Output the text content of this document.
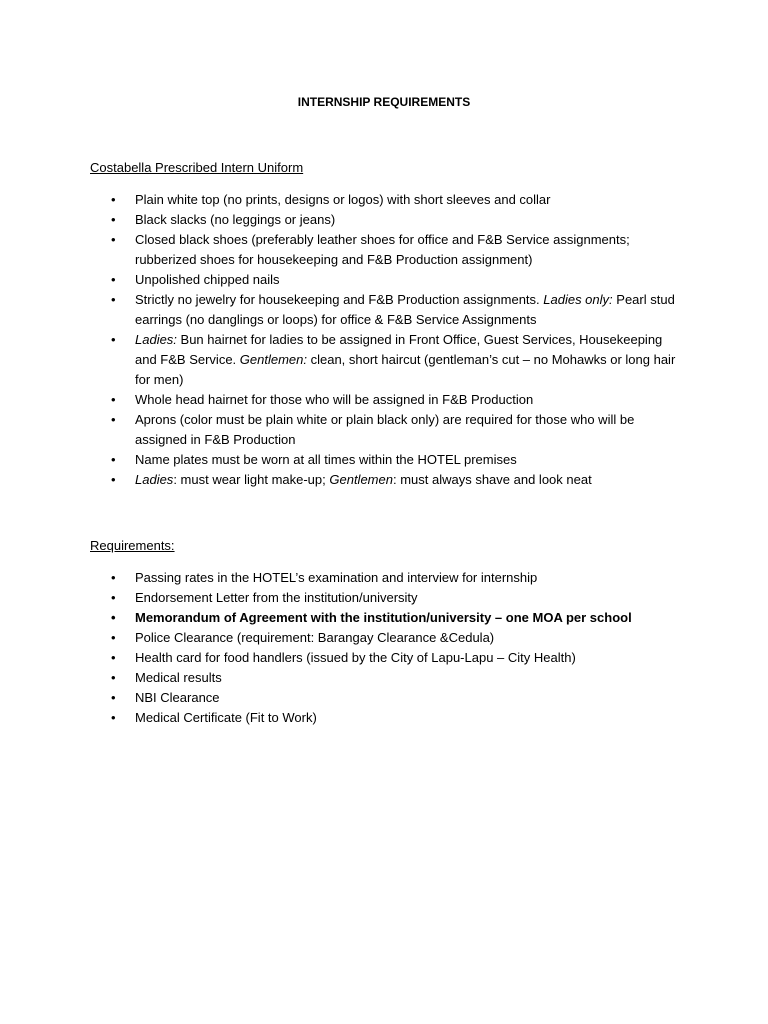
INTERNSHIP REQUIREMENTS
Costabella Prescribed Intern Uniform
• Plain white top (no prints, designs or logos) with short sleeves and collar
• Black slacks (no leggings or jeans)
• Closed black shoes (preferably leather shoes for office and F&B Service assignments; rubberized shoes for housekeeping and F&B Production assignment)
• Unpolished chipped nails
• Strictly no jewelry for housekeeping and F&B Production assignments. Ladies only: Pearl stud earrings (no danglings or loops) for office & F&B Service Assignments
• Ladies: Bun hairnet for ladies to be assigned in Front Office, Guest Services, Housekeeping and F&B Service. Gentlemen: clean, short haircut (gentleman’s cut – no Mohawks or long hair for men)
• Whole head hairnet for those who will be assigned in F&B Production
• Aprons (color must be plain white or plain black only) are required for those who will be assigned in F&B Production
• Name plates must be worn at all times within the HOTEL premises
• Ladies: must wear light make-up; Gentlemen: must always shave and look neat
Requirements:
• Passing rates in the HOTEL’s examination and interview for internship
• Endorsement Letter from the institution/university
• Memorandum of Agreement with the institution/university – one MOA per school
• Police Clearance (requirement: Barangay Clearance &Cedula)
• Health card for food handlers (issued by the City of Lapu-Lapu – City Health)
• Medical results
• NBI Clearance
• Medical Certificate (Fit to Work)
